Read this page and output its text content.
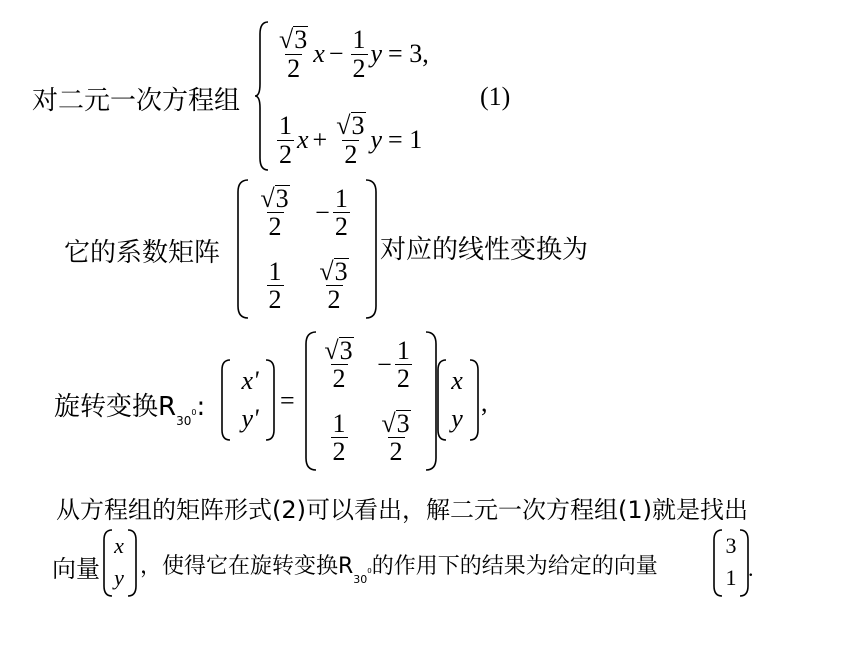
对二元一次方程组
$\frac{√ 3}{2}$ $x - \frac{1}{2}$ y = 3,
$\frac{1}{2}$ $x + \frac{√ 3}{2}$ y = 1
(1)
它的系数矩阵
$\frac{√ 3}{2} - \frac{1}{2}$
$\frac{1}{2} \frac{√ 3}{2}$
对应的线性变换为
旋转变换$R_{30}0$:
x'
y'
=
$\frac{√ 3}{2} - \frac{1}{2}$
$\frac{1}{2} \frac{√ 3}{2}$
x
y
,
从方程组的矩阵形式(2)可以看出，解二元一次方程组(1)就是找出
向量
x
y ，使得它在旋转变换$R_{30}0$的作用下的结果为给定的向量
3
1 .
